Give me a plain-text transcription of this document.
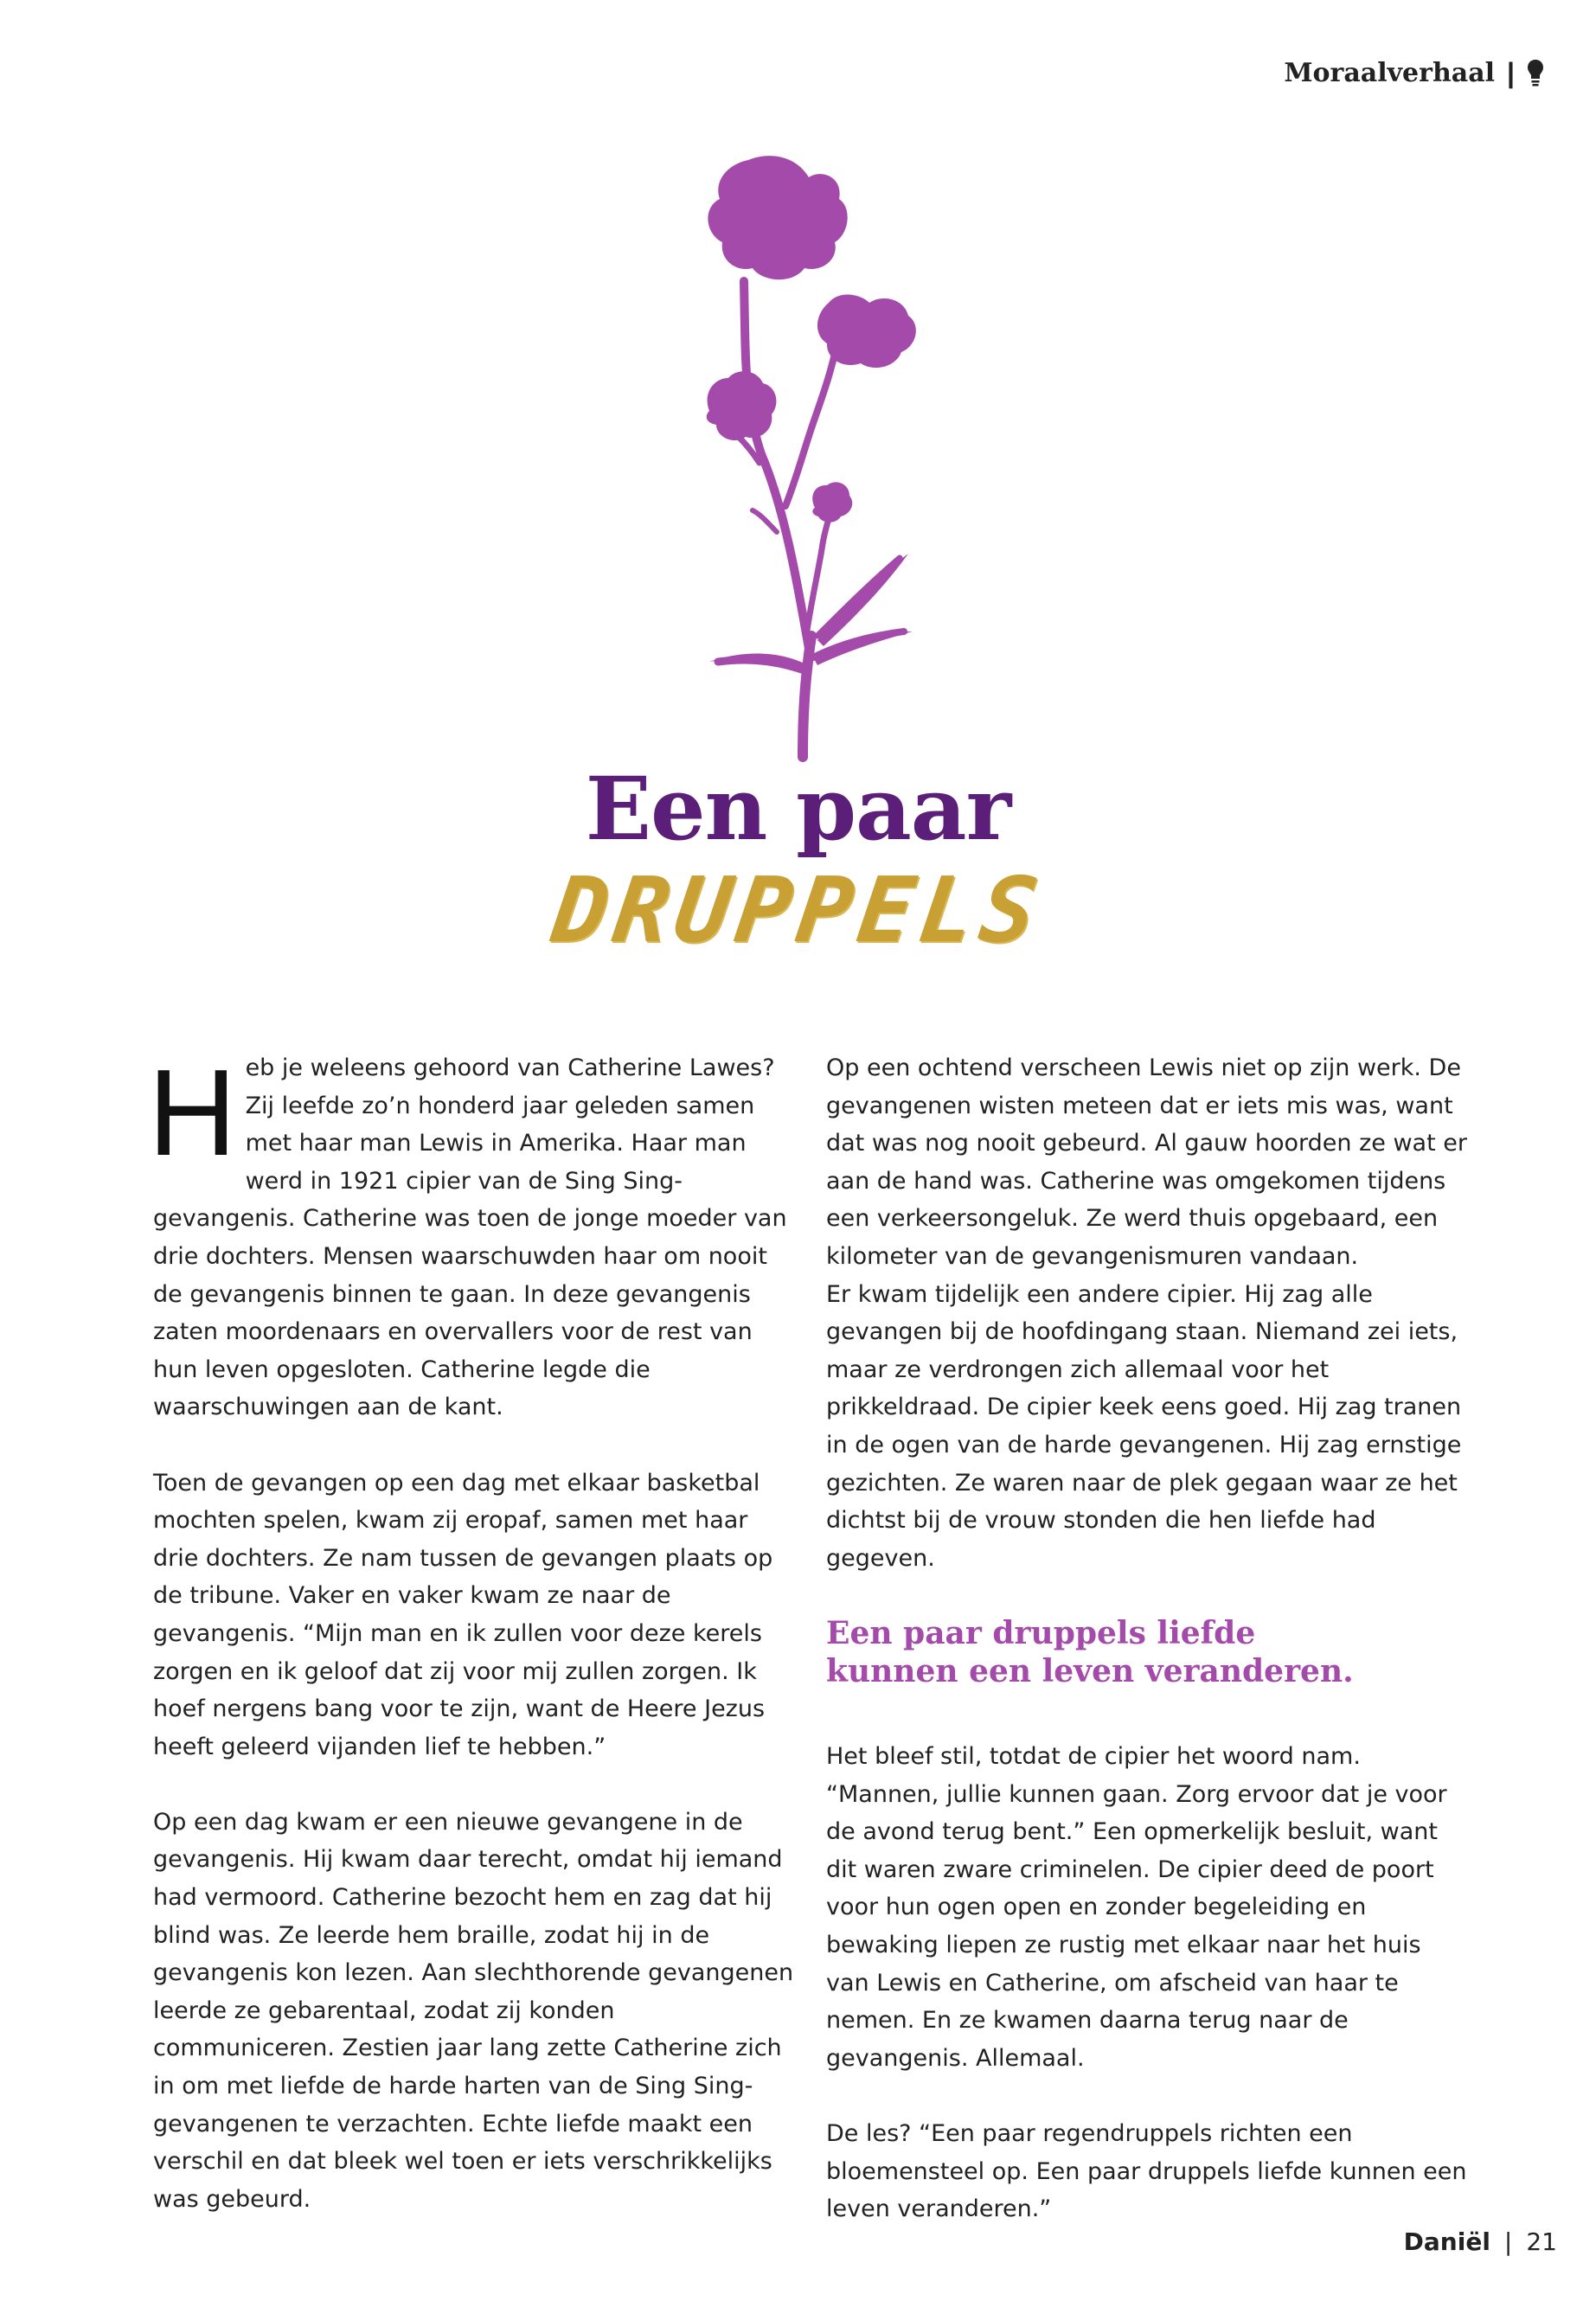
Moraalverhaal |
Een paar
DRUPPELS

H eb je weleens gehoord van Catherine Lawes? Zij leefde zo’n honderd jaar geleden samen met haar man Lewis in Amerika. Haar man werd in 1921 cipier van de Sing Sing-gevangenis. Catherine was toen de jonge moeder van drie dochters. Mensen waarschuwden haar om nooit de gevangenis binnen te gaan. In deze gevangenis zaten moordenaars en overvallers voor de rest van hun leven opgesloten. Catherine legde die waarschuwingen aan de kant.

Toen de gevangen op een dag met elkaar basketbal mochten spelen, kwam zij eropaf, samen met haar drie dochters. Ze nam tussen de gevangen plaats op de tribune. Vaker en vaker kwam ze naar de gevangenis. “Mijn man en ik zullen voor deze kerels zorgen en ik geloof dat zij voor mij zullen zorgen. Ik hoef nergens bang voor te zijn, want de Heere Jezus heeft geleerd vijanden lief te hebben.”

Op een dag kwam er een nieuwe gevangene in de gevangenis. Hij kwam daar terecht, omdat hij iemand had vermoord. Catherine bezocht hem en zag dat hij blind was. Ze leerde hem braille, zodat hij in de gevangenis kon lezen. Aan slechthorende gevangenen leerde ze gebarentaal, zodat zij konden communiceren. Zestien jaar lang zette Catherine zich in om met liefde de harde harten van de Sing Sing-gevangenen te verzachten. Echte liefde maakt een verschil en dat bleek wel toen er iets verschrikkelijks was gebeurd.

Op een ochtend verscheen Lewis niet op zijn werk. De gevangenen wisten meteen dat er iets mis was, want dat was nog nooit gebeurd. Al gauw hoorden ze wat er aan de hand was. Catherine was omgekomen tijdens een verkeersongeluk. Ze werd thuis opgebaard, een kilometer van de gevangenismuren vandaan.

Er kwam tijdelijk een andere cipier. Hij zag alle gevangen bij de hoofdingang staan. Niemand zei iets, maar ze verdrongen zich allemaal voor het prikkeldraad. De cipier keek eens goed. Hij zag tranen in de ogen van de harde gevangenen. Hij zag ernstige gezichten. Ze waren naar de plek gegaan waar ze het dichtst bij de vrouw stonden die hen liefde had gegeven.

Een paar druppels liefde
kunnen een leven veranderen.

Het bleef stil, totdat de cipier het woord nam. “Mannen, jullie kunnen gaan. Zorg ervoor dat je voor de avond terug bent.” Een opmerkelijk besluit, want dit waren zware criminelen. De cipier deed de poort voor hun ogen open en zonder begeleiding en bewaking liepen ze rustig met elkaar naar het huis van Lewis en Catherine, om afscheid van haar te nemen. En ze kwamen daarna terug naar de gevangenis. Allemaal.

De les? “Een paar regendruppels richten een bloemensteel op. Een paar druppels liefde kunnen een leven veranderen.”

Daniël | 21
